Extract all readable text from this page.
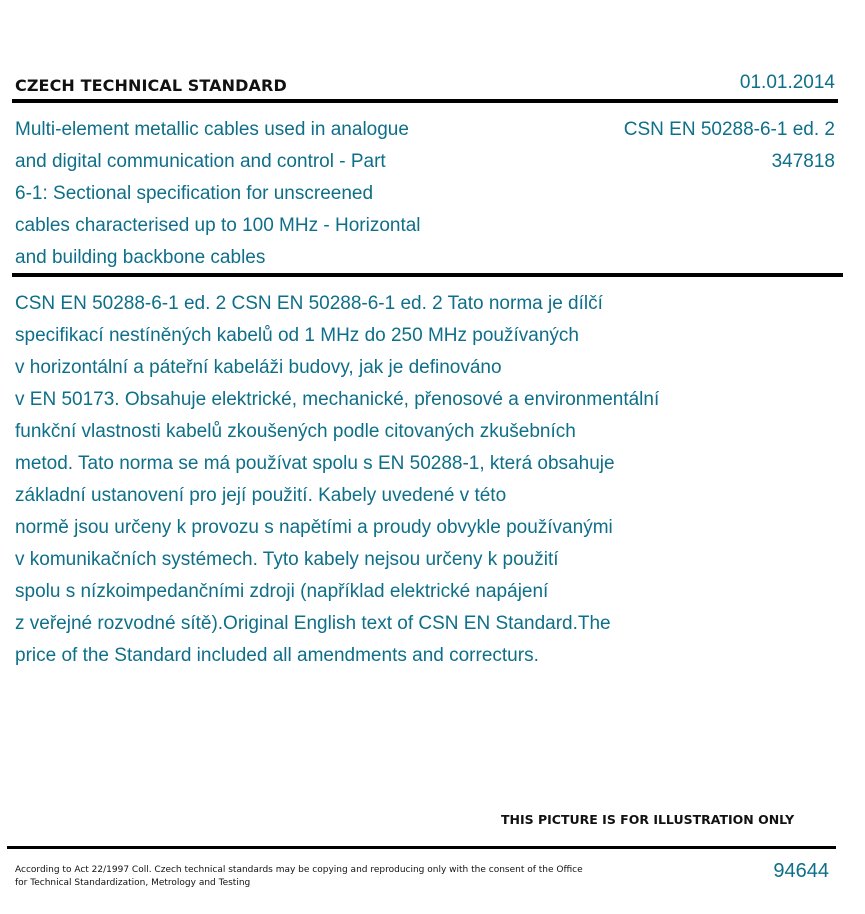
CZECH TECHNICAL STANDARD	01.01.2014
Multi-element metallic cables used in analogue
and digital communication and control - Part
6-1: Sectional specification for unscreened
cables characterised up to 100 MHz - Horizontal
and building backbone cables
CSN EN 50288-6-1 ed. 2
347818
CSN EN 50288-6-1 ed. 2 CSN EN 50288-6-1 ed. 2 Tato norma je dílčí
specifikací nestíněných kabelů od 1 MHz do 250 MHz používaných
v horizontální a páteřní kabeláži budovy, jak je definováno
v EN 50173. Obsahuje elektrické, mechanické, přenosové a environmentální
funkční vlastnosti kabelů zkoušených podle citovaných zkušebních
metod. Tato norma se má používat spolu s EN 50288-1, která obsahuje
základní ustanovení pro její použití. Kabely uvedené v této
normě jsou určeny k provozu s napětími a proudy obvykle používanými
v komunikačních systémech. Tyto kabely nejsou určeny k použití
spolu s nízkoimpedančními zdroji (například elektrické napájení
z veřejné rozvodné sítě).Original English text of CSN EN Standard.The
price of the Standard included all amendments and correcturs.
THIS PICTURE IS FOR ILLUSTRATION ONLY
According to Act 22/1997 Coll. Czech technical standards may be copying and reproducing only with the consent of the Office
for Technical Standardization, Metrology and Testing
94644
